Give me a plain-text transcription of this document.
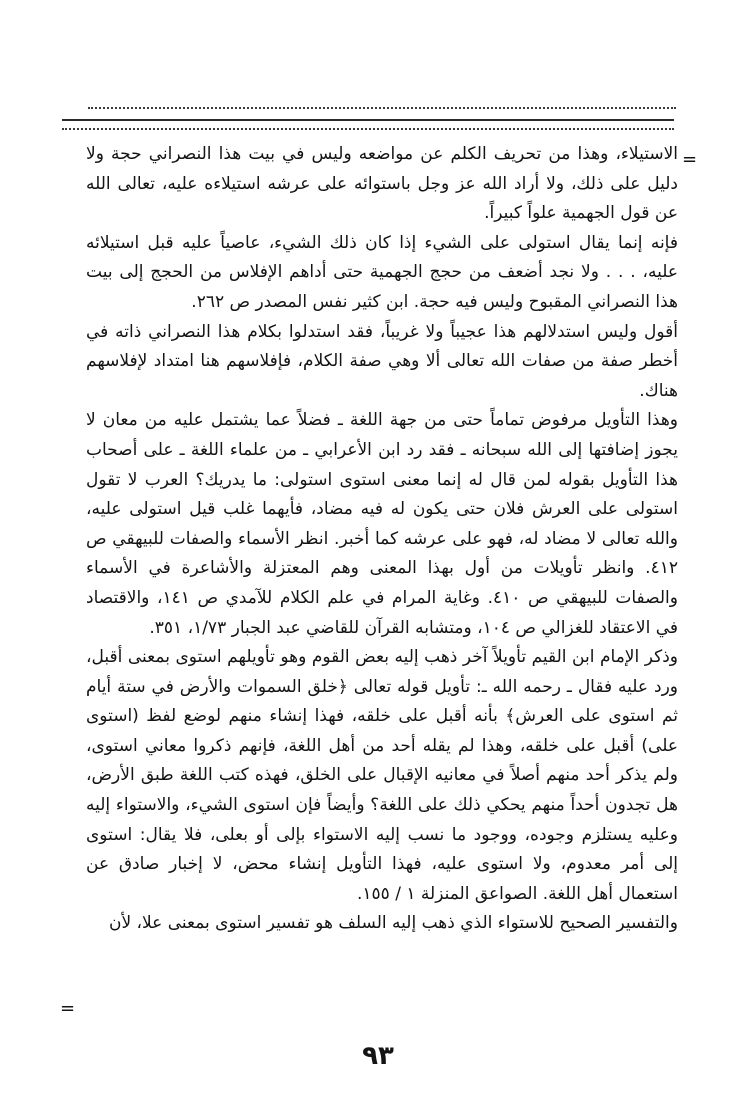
=

الاستيلاء، وهذا من تحريف الكلم عن مواضعه وليس في بيت هذا النصراني حجة ولا دليل على ذلك، ولا أراد الله عز وجل باستوائه على عرشه استيلاءه عليه، تعالى الله عن قول الجهمية علواً كبيراً.

فإنه إنما يقال استولى على الشيء إذا كان ذلك الشيء، عاصياً عليه قبل استيلائه عليه، . . . ولا نجد أضعف من حجج الجهمية حتى أداهم الإفلاس من الحجج إلى بيت هذا النصراني المقبوح وليس فيه حجة. ابن كثير نفس المصدر ص ٢٦٢.

أقول وليس استدلالهم هذا عجيباً ولا غريباً، فقد استدلوا بكلام هذا النصراني ذاته في أخطر صفة من صفات الله تعالى ألا وهي صفة الكلام، فإفلاسهم هنا امتداد لإفلاسهم هناك.

وهذا التأويل مرفوض تماماً حتى من جهة اللغة ـ فضلاً عما يشتمل عليه من معان لا يجوز إضافتها إلى الله سبحانه ـ فقد رد ابن الأعرابي ـ من علماء اللغة ـ على أصحاب هذا التأويل بقوله لمن قال له إنما معنى استوى استولى: ما يدريك؟ العرب لا تقول استولى على العرش فلان حتى يكون له فيه مضاد، فأيهما غلب قيل استولى عليه، والله تعالى لا مضاد له، فهو على عرشه كما أخبر. انظر الأسماء والصفات للبيهقي ص ٤١٢. وانظر تأويلات من أول بهذا المعنى وهم المعتزلة والأشاعرة في الأسماء والصفات للبيهقي ص ٤١٠. وغاية المرام في علم الكلام للآمدي ص ١٤١، والاقتصاد في الاعتقاد للغزالي ص ١٠٤، ومتشابه القرآن للقاضي عبد الجبار ١/٧٣، ٣٥١.

وذكر الإمام ابن القيم تأويلاً آخر ذهب إليه بعض القوم وهو تأويلهم استوى بمعنى أقبل، ورد عليه فقال ـ رحمه الله ـ: تأويل قوله تعالى ﴿خلق السموات والأرض في ستة أيام ثم استوى على العرش﴾ بأنه أقبل على خلقه، فهذا إنشاء منهم لوضع لفظ (استوى على) أقبل على خلقه، وهذا لم يقله أحد من أهل اللغة، فإنهم ذكروا معاني استوى، ولم يذكر أحد منهم أصلاً في معانيه الإقبال على الخلق، فهذه كتب اللغة طبق الأرض، هل تجدون أحداً منهم يحكي ذلك على اللغة؟ وأيضاً فإن استوى الشيء، والاستواء إليه وعليه يستلزم وجوده، ووجود ما نسب إليه الاستواء بإلى أو بعلى، فلا يقال: استوى إلى أمر معدوم، ولا استوى عليه، فهذا التأويل إنشاء محض، لا إخبار صادق عن استعمال أهل اللغة. الصواعق المنزلة ١ / ١٥٥.

والتفسير الصحيح للاستواء الذي ذهب إليه السلف هو تفسير استوى بمعنى علا، لأن

=
٩٣
